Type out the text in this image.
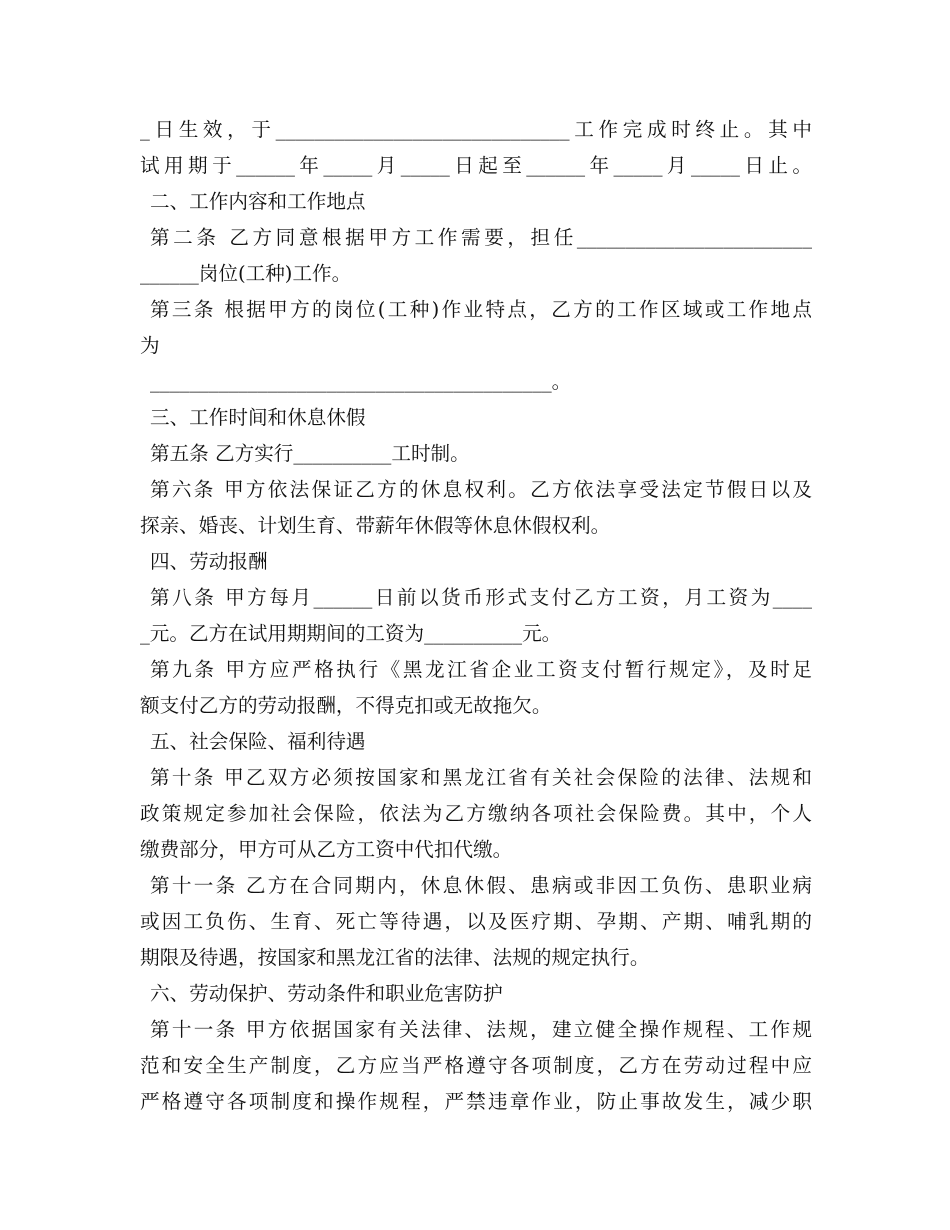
_日生效，于______________________________工作完成时终止。其中
试用期于______年_____月_____日起至______年_____月_____日止。
二、工作内容和工作地点
第二条 乙方同意根据甲方工作需要，担任________________________
______岗位(工种)工作。
第三条 根据甲方的岗位(工种)作业特点，乙方的工作区域或工作地点
为
_________________________________________。
三、工作时间和休息休假
第五条 乙方实行__________工时制。
第六条 甲方依法保证乙方的休息权利。乙方依法享受法定节假日以及
探亲、婚丧、计划生育、带薪年休假等休息休假权利。
四、劳动报酬
第八条 甲方每月______日前以货币形式支付乙方工资，月工资为____
_元。乙方在试用期期间的工资为__________元。
第九条 甲方应严格执行《黑龙江省企业工资支付暂行规定》，及时足
额支付乙方的劳动报酬，不得克扣或无故拖欠。
五、社会保险、福利待遇
第十条 甲乙双方必须按国家和黑龙江省有关社会保险的法律、法规和
政策规定参加社会保险，依法为乙方缴纳各项社会保险费。其中，个人
缴费部分，甲方可从乙方工资中代扣代缴。
第十一条 乙方在合同期内，休息休假、患病或非因工负伤、患职业病
或因工负伤、生育、死亡等待遇，以及医疗期、孕期、产期、哺乳期的
期限及待遇，按国家和黑龙江省的法律、法规的规定执行。
六、劳动保护、劳动条件和职业危害防护
第十一条 甲方依据国家有关法律、法规，建立健全操作规程、工作规
范和安全生产制度，乙方应当严格遵守各项制度，乙方在劳动过程中应
严格遵守各项制度和操作规程，严禁违章作业，防止事故发生，减少职
